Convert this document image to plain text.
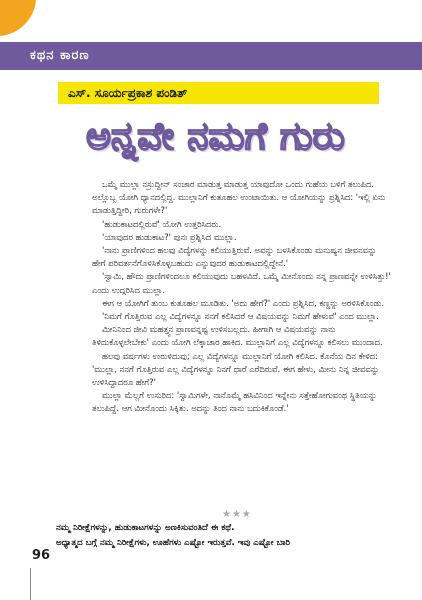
ಕಥನ ಕಾರಣ
ಎಸ್. ಸೂರ್ಯಪ್ರಕಾಶ ಪಂಡಿತ್
ಅನ್ನವೇ ನಮಗೆ ಗುರು

ಒಮ್ಮೆ ಮುಲ್ಲಾ ನಸ್ರುದ್ದೀನ್ ಸಂಚಾರ ಮಾಡುತ್ತ ಮಾಡುತ್ತ ಯಾವುದೋ ಒಂದು ಗುಹೆಯ ಬಳಿಗೆ ತಲುಪಿದ. ಅಲ್ಲೊಬ್ಬ ಯೋಗಿ ಧ್ಯಾನದಲ್ಲಿದ್ದ. ಮುಲ್ಲಾನಿಗೆ ಕುತೂಹಲ ಉಂಟಾಯಿತು. ಆ ಯೋಗಿಯನ್ನು ಪ್ರಶ್ನಿಸಿದ: 'ಇಲ್ಲಿ ಏನು ಮಾಡುತ್ತಿದ್ದೀರಿ, ಗುರುಗಳೇ?'

'ಹುಡುಕಾಟದಲ್ಲಿರುವೆ' ಯೋಗಿ ಉತ್ತರಿಸಿದರು.

'ಯಾವುದರ ಹುಡುಕಾಟ?' ಪುನಃ ಪ್ರಶ್ನಿಸಿದ ಮುಲ್ಲಾ.

'ನಾನು ಪ್ರಾಣಿಗಳಿಂದ ಹಲವು ವಿದ್ಯೆಗಳನ್ನು ಕಲಿಯುತ್ತಿರುವೆ. ಅವನ್ನು ಬಳಸಿಕೊಂಡು ಮನುಷ್ಯನ ಜೀವನವನ್ನು ಹೇಗೆ ಪರಿವರ್ತನೆಗೊಳಿಸಿಕೊಳ್ಳಬಹುದು ಎನ್ನುವುದರ ಹುಡುಕಾಟದಲ್ಲಿದ್ದೇನೆ.'

'ಸ್ವಾಮಿ, ಹೌದು ಪ್ರಾಣಿಗಳಿಂದಲೂ ಕಲಿಯುವುದು ಬಹಳವಿದೆ. ಒಮ್ಮೆ ಮೀನೊಂದು ನನ್ನ ಪ್ರಾಣವನ್ನೇ ಉಳಿಸಿತ್ತು!' ಎಂದು ಉದ್ಗರಿಸಿದ ಮುಲ್ಲಾ.

ಈಗ ಆ ಯೋಗಿಗೆ ತುಂಬ ಕುತೂಹಲ ಮೂಡಿತು. 'ಅದು ಹೇಗೆ?' ಎಂದು ಪ್ರಶ್ನಿಸಿದ, ಕಣ್ಣನ್ನು ಅರಳಿಸಿಕೊಂಡು.

'ನಿಮಗೆ ಗೊತ್ತಿರುವ ಎಲ್ಲ ವಿದ್ಯೆಗಳನ್ನೂ ನನಗೆ ಕಲಿಸಿದರೆ ಆ ವಿಷಯವನ್ನು ನಿಮಗೆ ಹೇಳುವೆ' ಎಂದ ಮುಲ್ಲಾ.

ಮೀನಿನಿಂದ ಜೀವಿ ಮಹತ್ತ್ವನ ಪ್ರಾಣವನ್ನಷ್ಟ ಉಳಿಸಬಲ್ಲದು. ಹೀಗಾಗಿ ಆ ವಿಷಯವನ್ನು ನಾನು ತಿಳಿದುಕೊಳ್ಳಲೇಬೇಕು' ಎಂದು ಯೋಗಿ ಲೆಕ್ಕಾಚಾರ ಹಾಕಿದ. ಮುಲ್ಲಾನಿಗೆ ಎಲ್ಲ ವಿದ್ಯೆಗಳನ್ನೂ ಕಲಿಸಲು ಮುಂದಾದ.

ಹಲವು ವರ್ಷಗಳು ಉರುಳಿದುವು; ಎಲ್ಲ ವಿದ್ಯೆಗಳನ್ನೂ ಮುಲ್ಲಾನಿಗೆ ಯೋಗಿ ಕಲಿಸಿದ. ಕೊನೆಯ ದಿನ ಕೇಳಿದ: 'ಮುಲ್ಲಾ, ನನಗೆ ಗೊತ್ತಿರುವ ಎಲ್ಲ ವಿದ್ಯೆಗಳನ್ನೂ ನಿನಗೆ ಧಾರೆ ಎರೆದಿರುವೆ. ಈಗ ಹೇಳು, ಮೀನು ನಿನ್ನ ಜೀವವನ್ನು ಉಳಿಸಿದ್ದಾದರೂ ಹೇಗೆ?'

ಮುಲ್ಲಾ ಮೆಲ್ಲಗೆ ಉಸುರಿದ: 'ಸ್ವಾಮಿಗಳೇ, ನಾನೊಮ್ಮೆ ಹಸಿವಿನಿಂದ ಇನ್ನೇನು ಸತ್ತೇಹೋಗುವಂಥ ಸ್ಥಿತಿಯನ್ನು ತಲುಪಿದ್ದೆ. ಆಗ ಮೀನೊಂದು ಸಿಕ್ಕಿತು. ಅದನ್ನು ತಿಂದ ನಾನು ಬದುಕಿಕೊಂಡೆ.'

★★★
ನಮ್ಮ ನಿರೀಕ್ಷೆಗಳನ್ನು, ಹುಡುಕಾಟಗಳನ್ನು ಅಣಕಿಸುವಂತಿದೆ ಈ ಕಥೆ.
ಅಧ್ಯಾತ್ಮದ ಬಗ್ಗೆ ನಮ್ಮ ನಿರೀಕ್ಷೆಗಳು, ಊಹೆಗಳು ಎಷ್ಟೋ ಇರುತ್ತವೆ. ಇವು ಎಷ್ಟೋ ಬಾರಿ
96
